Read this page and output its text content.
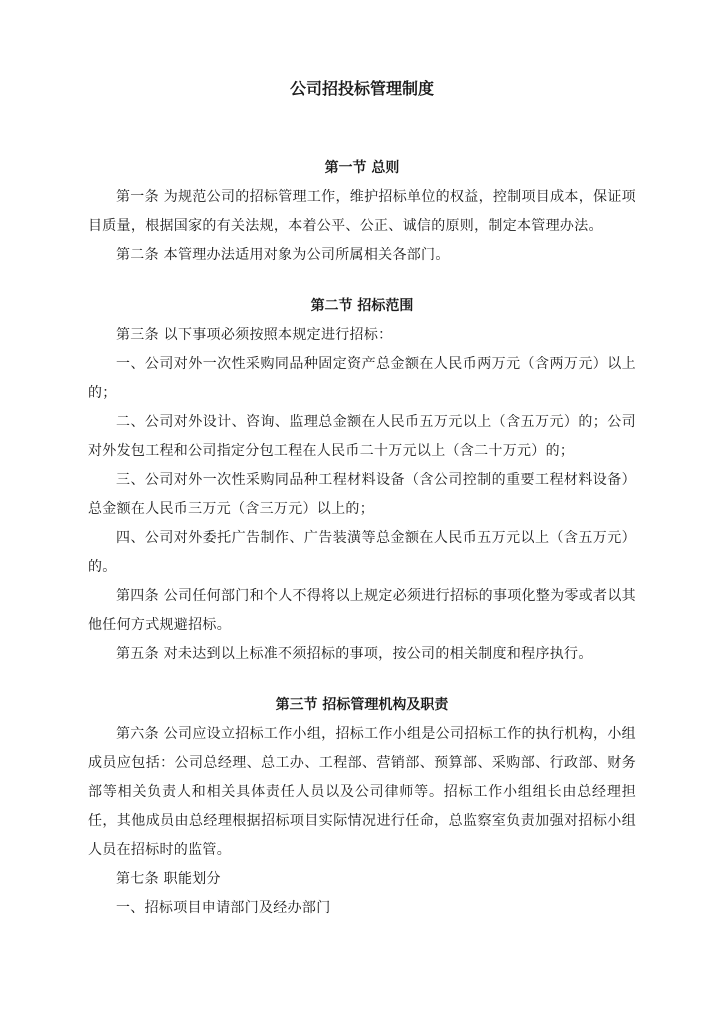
公司招投标管理制度
第一节 总则

第一条 为规范公司的招标管理工作，维护招标单位的权益，控制项目成本，保证项目质量，根据国家的有关法规，本着公平、公正、诚信的原则，制定本管理办法。

第二条 本管理办法适用对象为公司所属相关各部门。

第二节 招标范围

第三条 以下事项必须按照本规定进行招标：

一、公司对外一次性采购同品种固定资产总金额在人民币两万元（含两万元）以上的；

二、公司对外设计、咨询、监理总金额在人民币五万元以上（含五万元）的；公司对外发包工程和公司指定分包工程在人民币二十万元以上（含二十万元）的；

三、公司对外一次性采购同品种工程材料设备（含公司控制的重要工程材料设备）总金额在人民币三万元（含三万元）以上的；

四、公司对外委托广告制作、广告装潢等总金额在人民币五万元以上（含五万元）的。

第四条 公司任何部门和个人不得将以上规定必须进行招标的事项化整为零或者以其他任何方式规避招标。

第五条 对未达到以上标准不须招标的事项，按公司的相关制度和程序执行。

第三节 招标管理机构及职责

第六条 公司应设立招标工作小组，招标工作小组是公司招标工作的执行机构，小组成员应包括：公司总经理、总工办、工程部、营销部、预算部、采购部、行政部、财务部等相关负责人和相关具体责任人员以及公司律师等。招标工作小组组长由总经理担任，其他成员由总经理根据招标项目实际情况进行任命，总监察室负责加强对招标小组人员在招标时的监管。

第七条 职能划分

一、招标项目申请部门及经办部门
